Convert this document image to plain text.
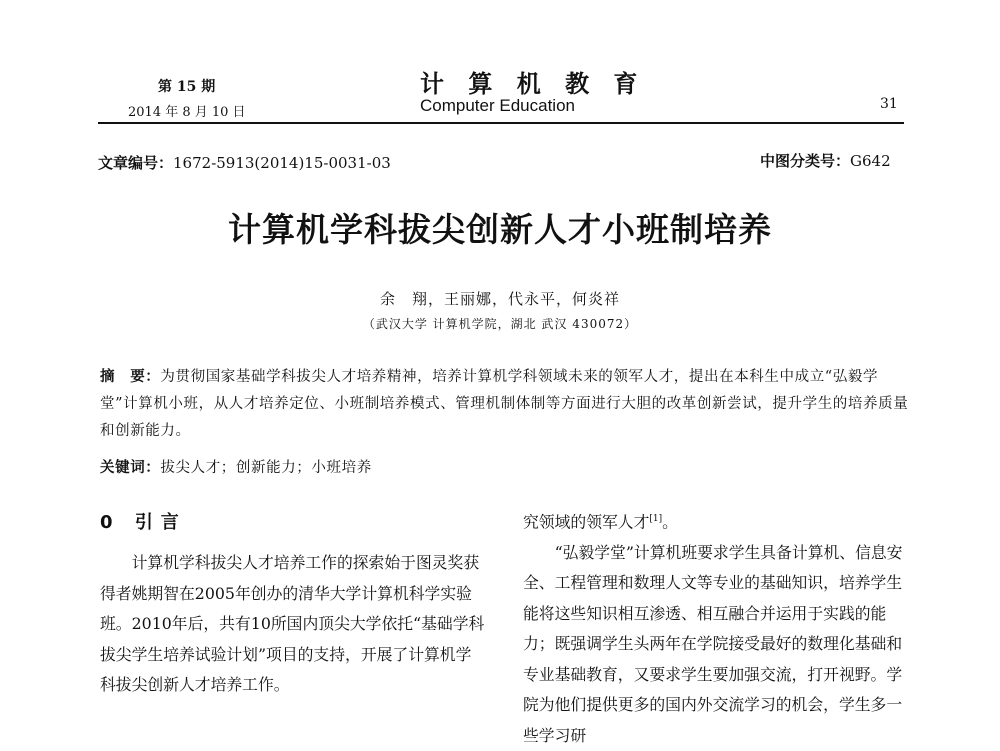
第 15 期
2014 年 8 月 10 日
计 算 机 教 育
Computer Education	31
文章编号：1672-5913(2014)15-0031-03	中图分类号：G642
计算机学科拔尖创新人才小班制培养
余　翔，王丽娜，代永平，何炎祥
（武汉大学 计算机学院，湖北 武汉 430072）
摘　要：为贯彻国家基础学科拔尖人才培养精神，培养计算机学科领域未来的领军人才，提出在本科生中成立“弘毅学堂”计算机小班，从人才培养定位、小班制培养模式、管理机制体制等方面进行大胆的改革创新尝试，提升学生的培养质量和创新能力。
关键词：拔尖人才；创新能力；小班培养
0 引言

计算机学科拔尖人才培养工作的探索始于图灵奖获得者姚期智在2005年创办的清华大学计算机科学实验班。2010年后，共有10所国内顶尖大学依托“基础学科拔尖学生培养试验计划”项目的支持，开展了计算机学科拔尖创新人才培养工作。

究领域的领军人才[1]。

“弘毅学堂”计算机班要求学生具备计算机、信息安全、工程管理和数理人文等专业的基础知识，培养学生能将这些知识相互渗透、相互融合并运用于实践的能力；既强调学生头两年在学院接受最好的数理化基础和专业基础教育，又要求学生要加强交流，打开视野。学院为他们提供更多的国内外交流学习的机会，学生多一些学习研
